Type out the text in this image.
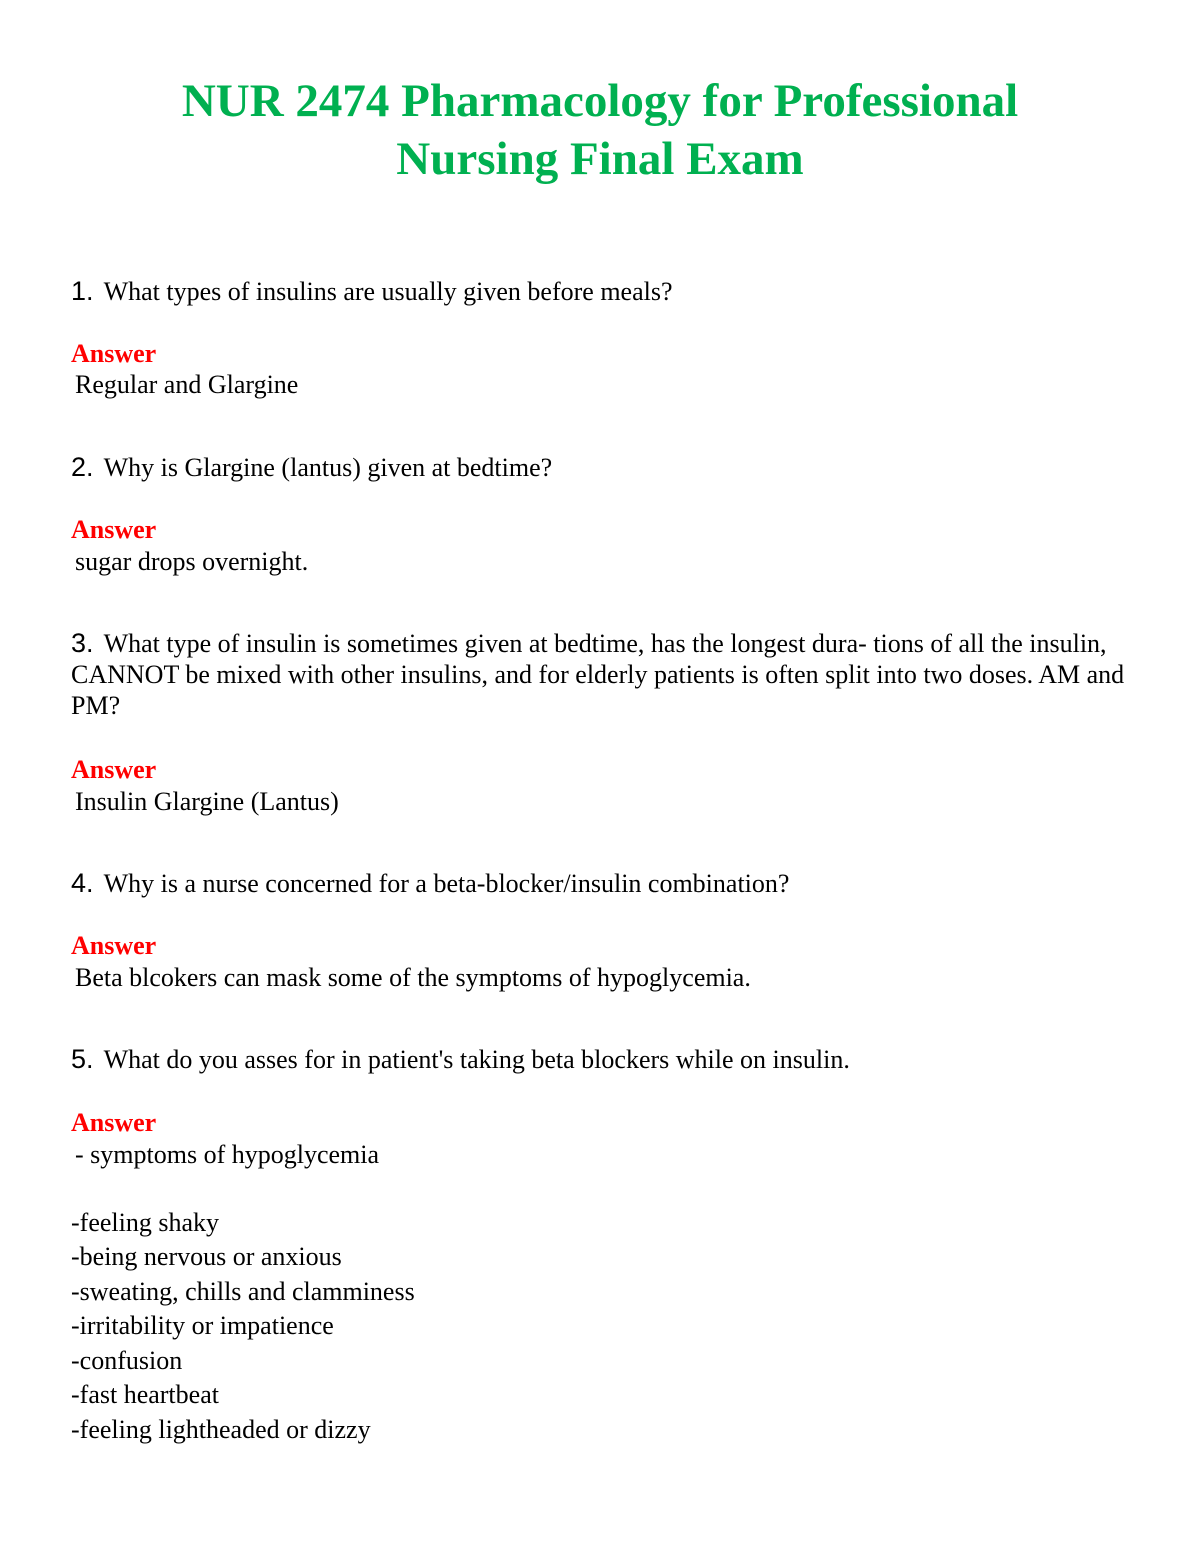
NUR 2474 Pharmacology for Professional
Nursing Final Exam

1. What types of insulins are usually given before meals?

Answer

Regular and Glargine

2. Why is Glargine (lantus) given at bedtime?

Answer

sugar drops overnight.

3. What type of insulin is sometimes given at bedtime, has the longest dura- tions of all the insulin, CANNOT be mixed with other insulins, and for elderly patients is often split into two doses. AM and PM?

Answer

Insulin Glargine (Lantus)

4. Why is a nurse concerned for a beta-blocker/insulin combination?

Answer

Beta blcokers can mask some of the symptoms of hypoglycemia.

5. What do you asses for in patient's taking beta blockers while on insulin.

Answer

- symptoms of hypoglycemia

-feeling shaky

-being nervous or anxious

-sweating, chills and clamminess

-irritability or impatience

-confusion

-fast heartbeat

-feeling lightheaded or dizzy
